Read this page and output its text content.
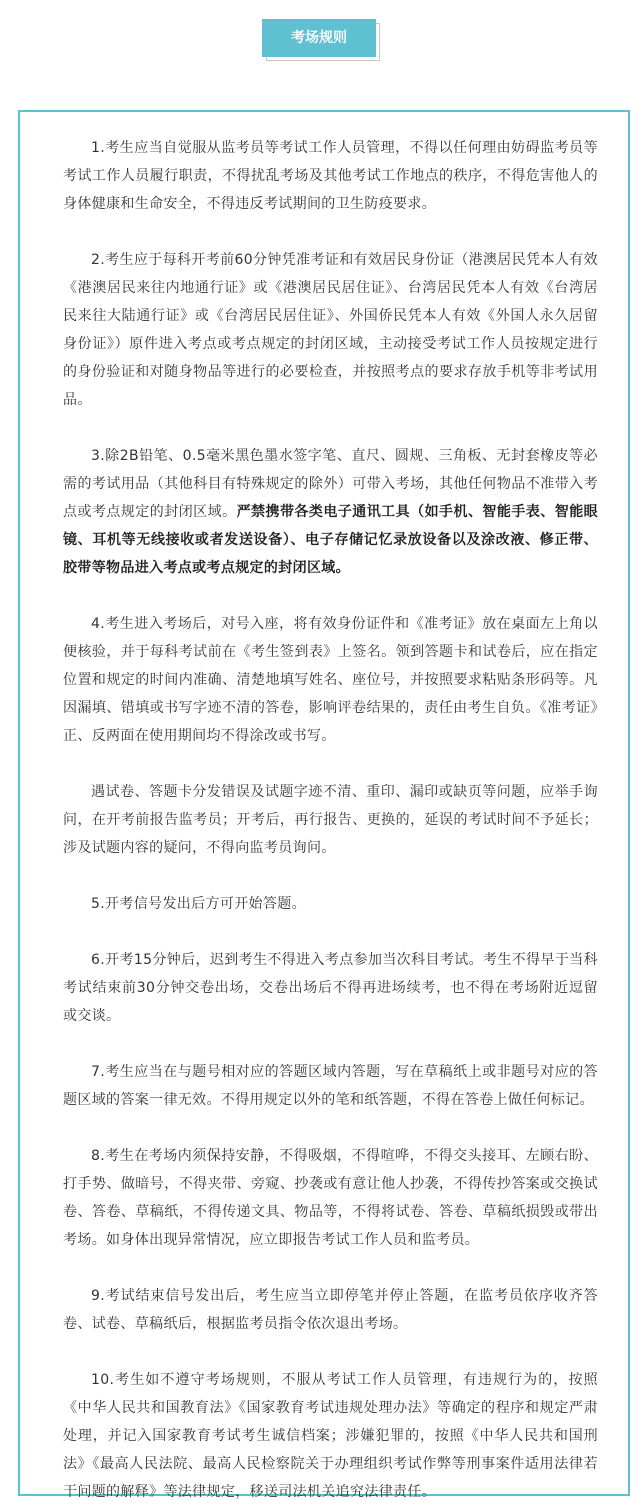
考场规则

1.考生应当自觉服从监考员等考试工作人员管理，不得以任何理由妨碍监考员等考试工作人员履行职责，不得扰乱考场及其他考试工作地点的秩序，不得危害他人的身体健康和生命安全，不得违反考试期间的卫生防疫要求。

2.考生应于每科开考前60分钟凭准考证和有效居民身份证（港澳居民凭本人有效《港澳居民来往内地通行证》或《港澳居民居住证》、台湾居民凭本人有效《台湾居民来往大陆通行证》或《台湾居民居住证》、外国侨民凭本人有效《外国人永久居留身份证》）原件进入考点或考点规定的封闭区域，主动接受考试工作人员按规定进行的身份验证和对随身物品等进行的必要检查，并按照考点的要求存放手机等非考试用品。

3.除2B铅笔、0.5毫米黑色墨水签字笔、直尺、圆规、三角板、无封套橡皮等必需的考试用品（其他科目有特殊规定的除外）可带入考场，其他任何物品不准带入考点或考点规定的封闭区域。严禁携带各类电子通讯工具（如手机、智能手表、智能眼镜、耳机等无线接收或者发送设备）、电子存储记忆录放设备以及涂改液、修正带、胶带等物品进入考点或考点规定的封闭区域。

4.考生进入考场后，对号入座，将有效身份证件和《准考证》放在桌面左上角以便核验，并于每科考试前在《考生签到表》上签名。领到答题卡和试卷后，应在指定位置和规定的时间内准确、清楚地填写姓名、座位号，并按照要求粘贴条形码等。凡因漏填、错填或书写字迹不清的答卷，影响评卷结果的，责任由考生自负。《准考证》正、反两面在使用期间均不得涂改或书写。

遇试卷、答题卡分发错误及试题字迹不清、重印、漏印或缺页等问题，应举手询问，在开考前报告监考员；开考后，再行报告、更换的，延误的考试时间不予延长；涉及试题内容的疑问，不得向监考员询问。

5.开考信号发出后方可开始答题。

6.开考15分钟后，迟到考生不得进入考点参加当次科目考试。考生不得早于当科考试结束前30分钟交卷出场，交卷出场后不得再进场续考，也不得在考场附近逗留或交谈。

7.考生应当在与题号相对应的答题区域内答题，写在草稿纸上或非题号对应的答题区域的答案一律无效。不得用规定以外的笔和纸答题，不得在答卷上做任何标记。

8.考生在考场内须保持安静，不得吸烟，不得喧哗，不得交头接耳、左顾右盼、打手势、做暗号，不得夹带、旁窥、抄袭或有意让他人抄袭，不得传抄答案或交换试卷、答卷、草稿纸，不得传递文具、物品等，不得将试卷、答卷、草稿纸损毁或带出考场。如身体出现异常情况，应立即报告考试工作人员和监考员。

9.考试结束信号发出后，考生应当立即停笔并停止答题，在监考员依序收齐答卷、试卷、草稿纸后，根据监考员指令依次退出考场。

10.考生如不遵守考场规则，不服从考试工作人员管理，有违规行为的，按照《中华人民共和国教育法》《国家教育考试违规处理办法》等确定的程序和规定严肃处理，并记入国家教育考试考生诚信档案；涉嫌犯罪的，按照《中华人民共和国刑法》《最高人民法院、最高人民检察院关于办理组织考试作弊等刑事案件适用法律若干问题的解释》等法律规定，移送司法机关追究法律责任。
